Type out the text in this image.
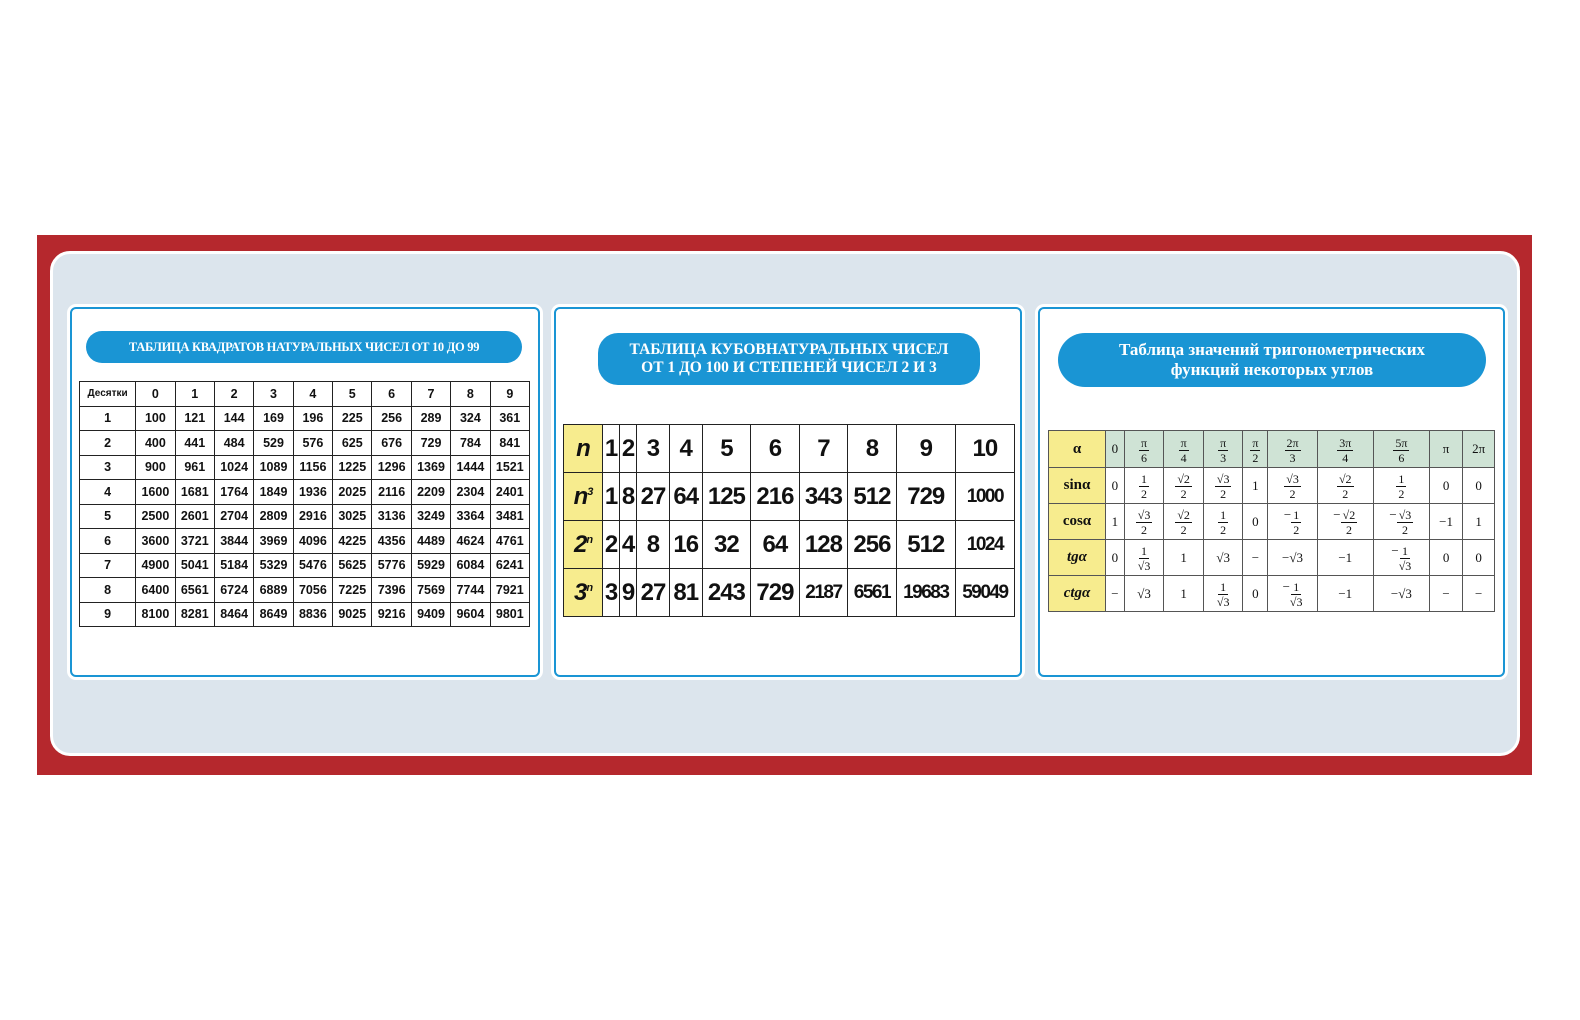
ТАБЛИЦА КВАДРАТОВ НАТУРАЛЬНЫХ ЧИСЕЛ ОТ 10 ДО 99
Десятки	0	1	2	3	4	5	6	7	8	9
1	100	121	144	169	196	225	256	289	324	361
2	400	441	484	529	576	625	676	729	784	841
3	900	961	1024	1089	1156	1225	1296	1369	1444	1521
4	1600	1681	1764	1849	1936	2025	2116	2209	2304	2401
5	2500	2601	2704	2809	2916	3025	3136	3249	3364	3481
6	3600	3721	3844	3969	4096	4225	4356	4489	4624	4761
7	4900	5041	5184	5329	5476	5625	5776	5929	6084	6241
8	6400	6561	6724	6889	7056	7225	7396	7569	7744	7921
9	8100	8281	8464	8649	8836	9025	9216	9409	9604	9801
ТАБЛИЦА КУБОВНАТУРАЛЬНЫХ ЧИСЕЛ
ОТ 1 ДО 100 И СТЕПЕНЕЙ ЧИСЕЛ 2 И 3
n	1	2	3	4	5	6	7	8	9	10
$n^3$	1	8	27	64	125	216	343	512	729	1000
2$^n$	2	4	8	16	32	64	128	256	512	1024
3$^n$	3	9	27	81	243	729	2187	6561	19683	59049
Таблица значений тригонометрических
функций некоторых углов
α	0	$\frac{\pi}{6}$	$\frac{\pi}{4}$	$\frac{\pi}{3}$	$\frac{\pi}{2}$	$\frac{2\pi}{3}$	$\frac{3\pi}{4}$	$\frac{5\pi}{6}$	π	2π
sinα	0	$\frac{1}{2}$	$\frac{√2}{2}$	$\frac{√3}{2}$	1	$\frac{√3}{2}$	$\frac{√2}{2}$	$\frac{1}{2}$	0	0
cosα	1	$\frac{√3}{2}$	$\frac{√2}{2}$	$\frac{1}{2}$	0	− $\frac{1}{2}$	− $\frac{√2}{2}$	− $\frac{√3}{2}$	−1	1
tgα	0	$\frac{1}{√3}$	1	√3	−	−√3	−1	− $\frac{1}{√3}$	0	0
ctgα	−	√3	1	$\frac{1}{√3}$	0	− $\frac{1}{√3}$	−1	−√3	−	−
